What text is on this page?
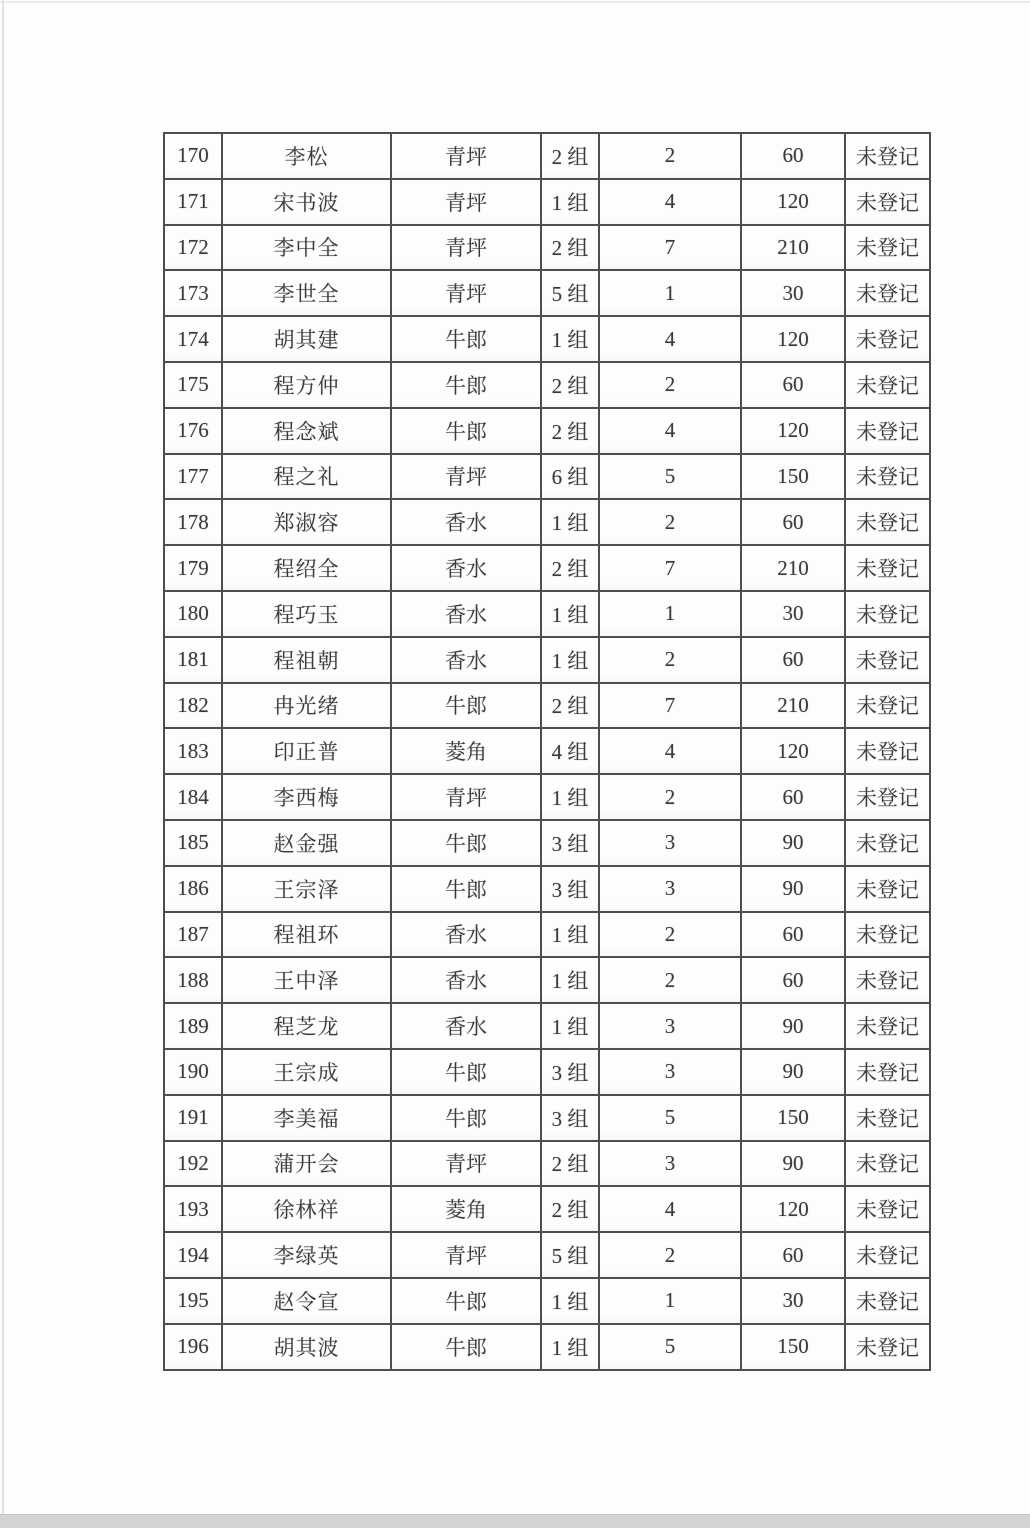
170	李松	青坪	2 组	2	60	未登记
171	宋书波	青坪	1 组	4	120	未登记
172	李中全	青坪	2 组	7	210	未登记
173	李世全	青坪	5 组	1	30	未登记
174	胡其建	牛郎	1 组	4	120	未登记
175	程方仲	牛郎	2 组	2	60	未登记
176	程念斌	牛郎	2 组	4	120	未登记
177	程之礼	青坪	6 组	5	150	未登记
178	郑淑容	香水	1 组	2	60	未登记
179	程绍全	香水	2 组	7	210	未登记
180	程巧玉	香水	1 组	1	30	未登记
181	程祖朝	香水	1 组	2	60	未登记
182	冉光绪	牛郎	2 组	7	210	未登记
183	印正普	菱角	4 组	4	120	未登记
184	李西梅	青坪	1 组	2	60	未登记
185	赵金强	牛郎	3 组	3	90	未登记
186	王宗泽	牛郎	3 组	3	90	未登记
187	程祖环	香水	1 组	2	60	未登记
188	王中泽	香水	1 组	2	60	未登记
189	程芝龙	香水	1 组	3	90	未登记
190	王宗成	牛郎	3 组	3	90	未登记
191	李美福	牛郎	3 组	5	150	未登记
192	蒲开会	青坪	2 组	3	90	未登记
193	徐林祥	菱角	2 组	4	120	未登记
194	李绿英	青坪	5 组	2	60	未登记
195	赵令宣	牛郎	1 组	1	30	未登记
196	胡其波	牛郎	1 组	5	150	未登记
